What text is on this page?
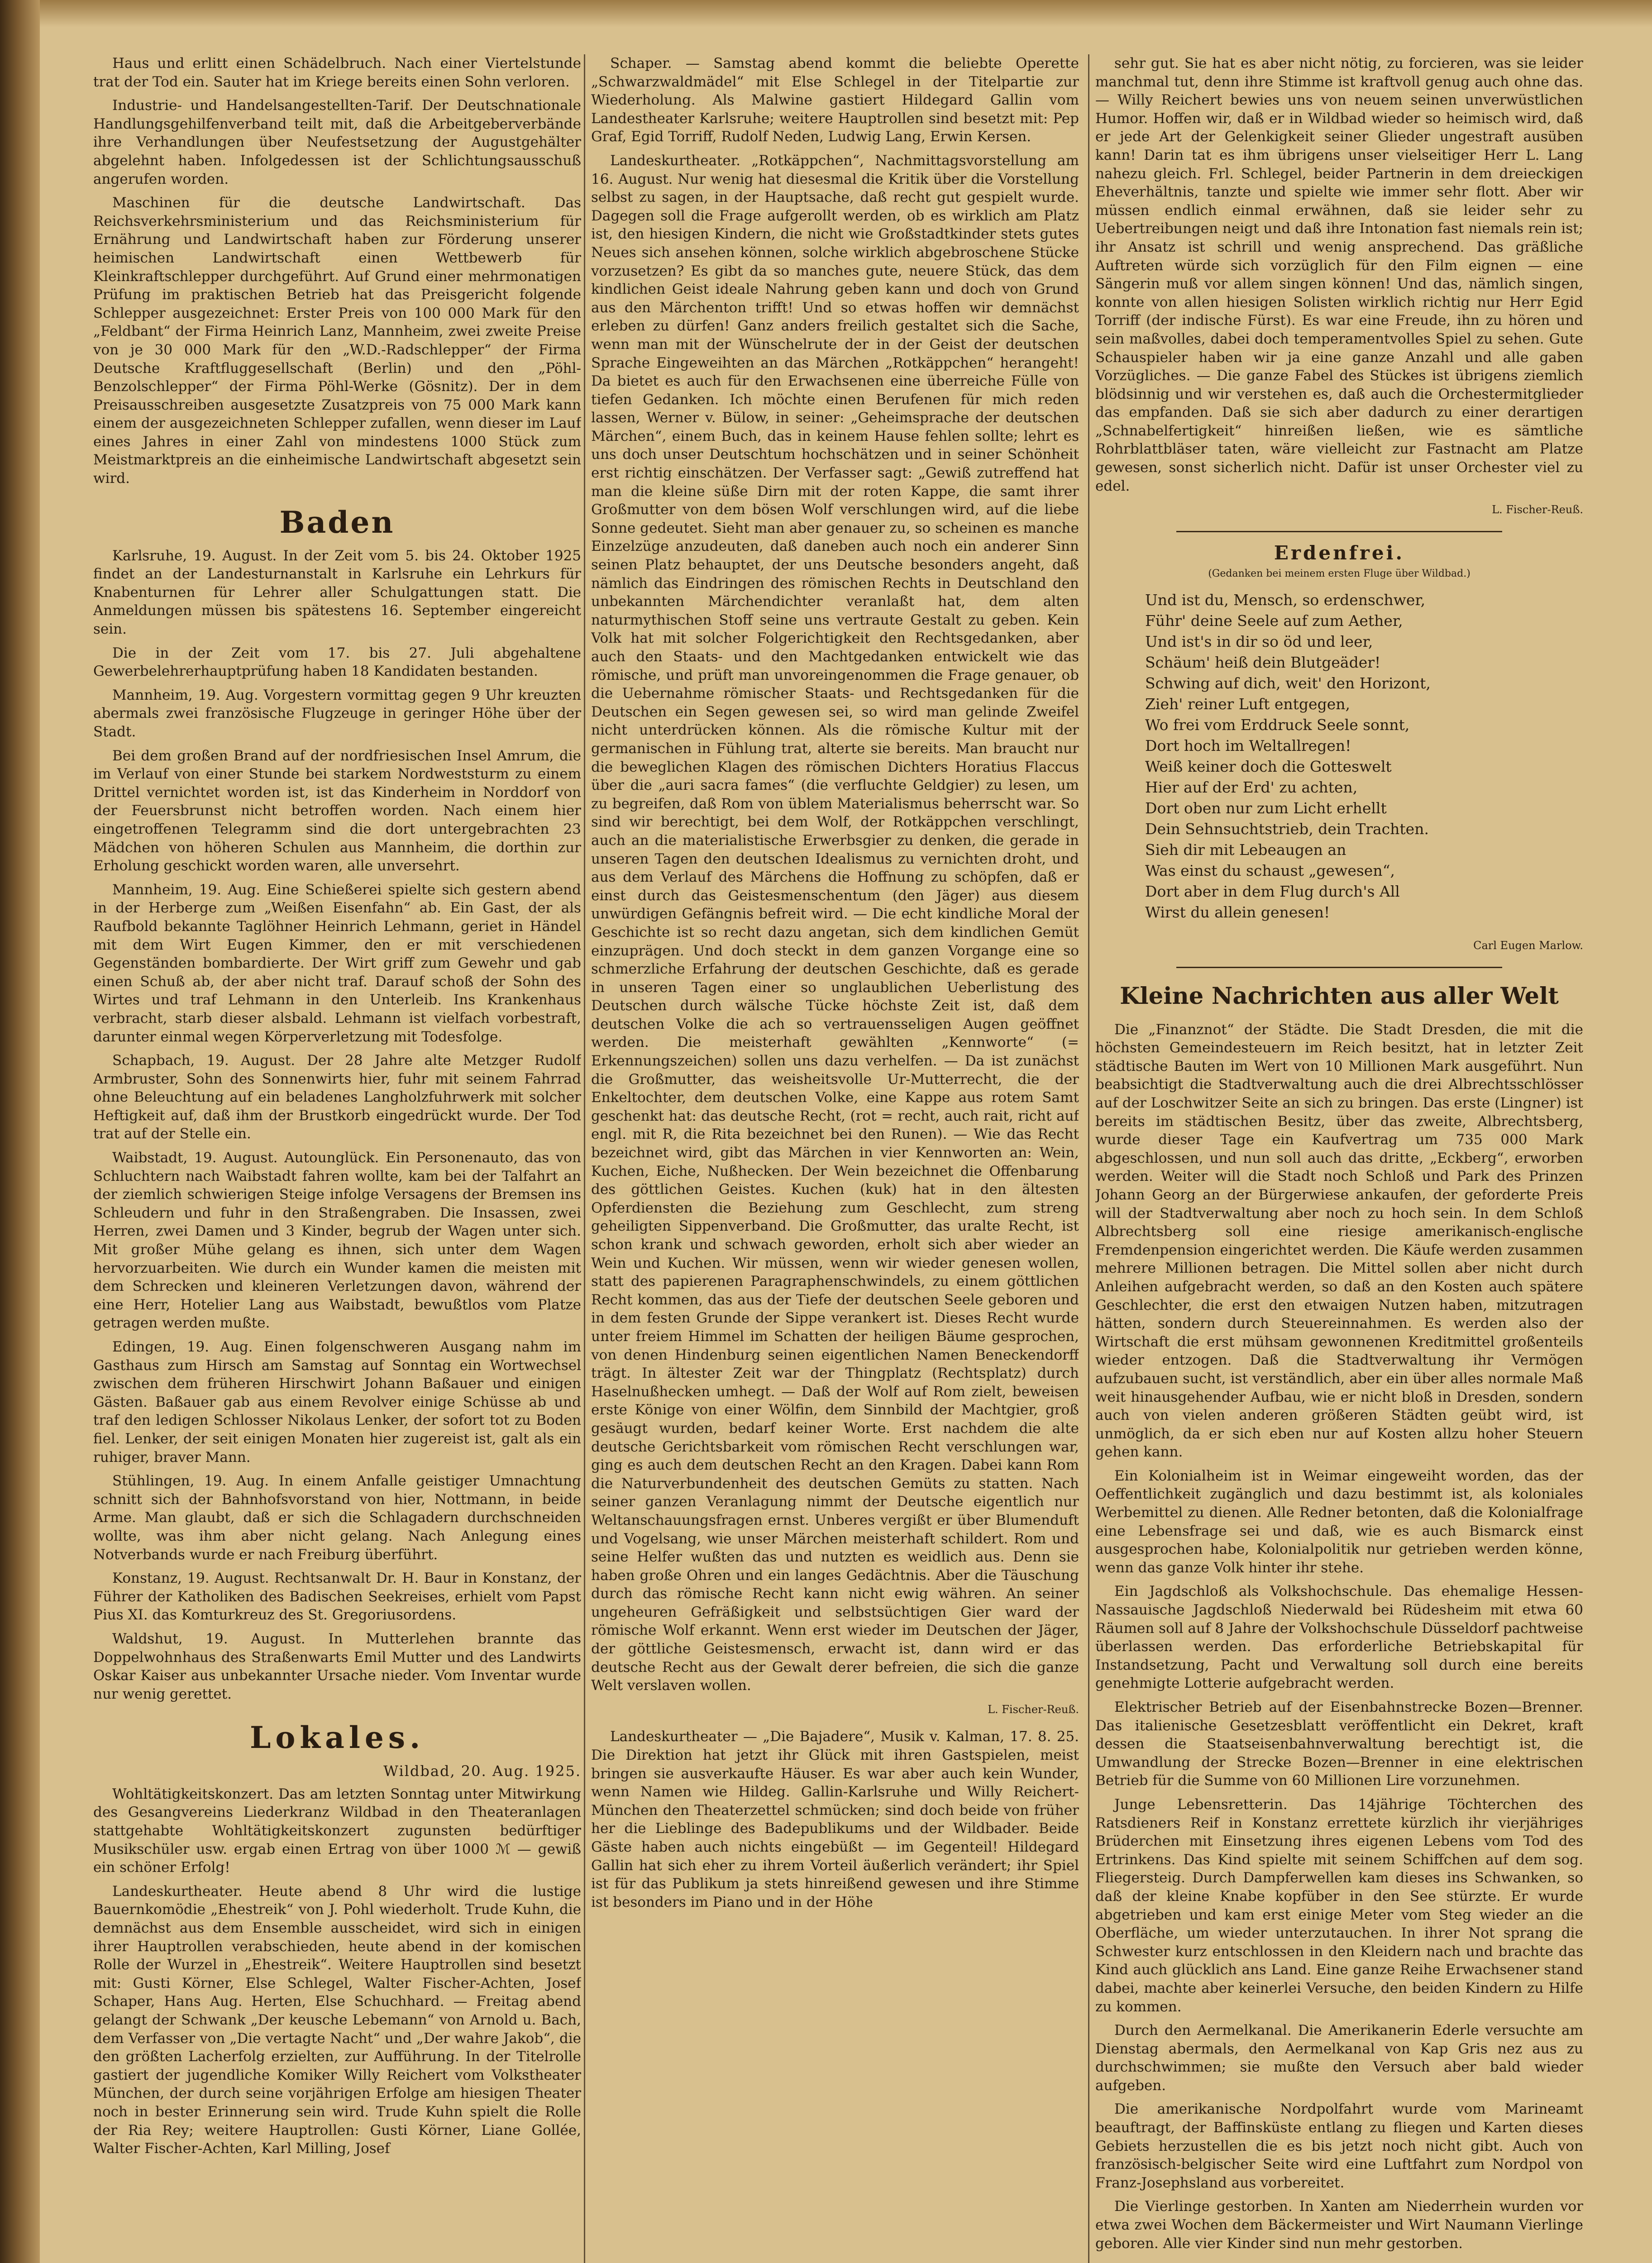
Haus und erlitt einen Schädelbruch. Nach einer Viertelstunde trat der Tod ein. Sauter hat im Kriege bereits einen Sohn verloren.

Industrie- und Handelsangestellten-Tarif. Der Deutschnationale Handlungsgehilfenverband teilt mit, daß die Arbeitgeberverbände ihre Verhandlungen über Neufestsetzung der Augustgehälter abgelehnt haben. Infolgedessen ist der Schlichtungsausschuß angerufen worden.

Maschinen für die deutsche Landwirtschaft. Das Reichsverkehrsministerium und das Reichsministerium für Ernährung und Landwirtschaft haben zur Förderung unserer heimischen Landwirtschaft einen Wettbewerb für Kleinkraftschlepper durchgeführt. Auf Grund einer mehrmonatigen Prüfung im praktischen Betrieb hat das Preisgericht folgende Schlepper ausgezeichnet: Erster Preis von 100 000 Mark für den „Feldbant“ der Firma Heinrich Lanz, Mannheim, zwei zweite Preise von je 30 000 Mark für den „W.D.-Radschlepper“ der Firma Deutsche Kraftfluggesellschaft (Berlin) und den „Pöhl-Benzolschlepper“ der Firma Pöhl-Werke (Gösnitz). Der in dem Preisausschreiben ausgesetzte Zusatzpreis von 75 000 Mark kann einem der ausgezeichneten Schlepper zufallen, wenn dieser im Lauf eines Jahres in einer Zahl von mindestens 1000 Stück zum Meistmarktpreis an die einheimische Landwirtschaft abgesetzt sein wird.

Baden

Karlsruhe, 19. August. In der Zeit vom 5. bis 24. Oktober 1925 findet an der Landesturnanstalt in Karlsruhe ein Lehrkurs für Knabenturnen für Lehrer aller Schulgattungen statt. Die Anmeldungen müssen bis spätestens 16. September eingereicht sein.

Die in der Zeit vom 17. bis 27. Juli abgehaltene Gewerbelehrerhauptprüfung haben 18 Kandidaten bestanden.

Mannheim, 19. Aug. Vorgestern vormittag gegen 9 Uhr kreuzten abermals zwei französische Flugzeuge in geringer Höhe über der Stadt.

Bei dem großen Brand auf der nordfriesischen Insel Amrum, die im Verlauf von einer Stunde bei starkem Nordweststurm zu einem Drittel vernichtet worden ist, ist das Kinderheim in Norddorf von der Feuersbrunst nicht betroffen worden. Nach einem hier eingetroffenen Telegramm sind die dort untergebrachten 23 Mädchen von höheren Schulen aus Mannheim, die dorthin zur Erholung geschickt worden waren, alle unversehrt.

Mannheim, 19. Aug. Eine Schießerei spielte sich gestern abend in der Herberge zum „Weißen Eisenfahn“ ab. Ein Gast, der als Raufbold bekannte Taglöhner Heinrich Lehmann, geriet in Händel mit dem Wirt Eugen Kimmer, den er mit verschiedenen Gegenständen bombardierte. Der Wirt griff zum Gewehr und gab einen Schuß ab, der aber nicht traf. Darauf schoß der Sohn des Wirtes und traf Lehmann in den Unterleib. Ins Krankenhaus verbracht, starb dieser alsbald. Lehmann ist vielfach vorbestraft, darunter einmal wegen Körperverletzung mit Todesfolge.

Schapbach, 19. August. Der 28 Jahre alte Metzger Rudolf Armbruster, Sohn des Sonnenwirts hier, fuhr mit seinem Fahrrad ohne Beleuchtung auf ein beladenes Langholzfuhrwerk mit solcher Heftigkeit auf, daß ihm der Brustkorb eingedrückt wurde. Der Tod trat auf der Stelle ein.

Waibstadt, 19. August. Autounglück. Ein Personenauto, das von Schluchtern nach Waibstadt fahren wollte, kam bei der Talfahrt an der ziemlich schwierigen Steige infolge Versagens der Bremsen ins Schleudern und fuhr in den Straßengraben. Die Insassen, zwei Herren, zwei Damen und 3 Kinder, begrub der Wagen unter sich. Mit großer Mühe gelang es ihnen, sich unter dem Wagen hervorzuarbeiten. Wie durch ein Wunder kamen die meisten mit dem Schrecken und kleineren Verletzungen davon, während der eine Herr, Hotelier Lang aus Waibstadt, bewußtlos vom Platze getragen werden mußte.

Edingen, 19. Aug. Einen folgenschweren Ausgang nahm im Gasthaus zum Hirsch am Samstag auf Sonntag ein Wortwechsel zwischen dem früheren Hirschwirt Johann Baßauer und einigen Gästen. Baßauer gab aus einem Revolver einige Schüsse ab und traf den ledigen Schlosser Nikolaus Lenker, der sofort tot zu Boden fiel. Lenker, der seit einigen Monaten hier zugereist ist, galt als ein ruhiger, braver Mann.

Stühlingen, 19. Aug. In einem Anfalle geistiger Umnachtung schnitt sich der Bahnhofsvorstand von hier, Nottmann, in beide Arme. Man glaubt, daß er sich die Schlagadern durchschneiden wollte, was ihm aber nicht gelang. Nach Anlegung eines Notverbands wurde er nach Freiburg überführt.

Konstanz, 19. August. Rechtsanwalt Dr. H. Baur in Konstanz, der Führer der Katholiken des Badischen Seekreises, erhielt vom Papst Pius XI. das Komturkreuz des St. Gregoriusordens.

Waldshut, 19. August. In Mutterlehen brannte das Doppelwohnhaus des Straßenwarts Emil Mutter und des Landwirts Oskar Kaiser aus unbekannter Ursache nieder. Vom Inventar wurde nur wenig gerettet.

Lokales.
Wildbad, 20. Aug. 1925.

Wohltätigkeitskonzert. Das am letzten Sonntag unter Mitwirkung des Gesangvereins Liederkranz Wildbad in den Theateranlagen stattgehabte Wohltätigkeitskonzert zugunsten bedürftiger Musikschüler usw. ergab einen Ertrag von über 1000 ℳ — gewiß ein schöner Erfolg!

Landeskurtheater. Heute abend 8 Uhr wird die lustige Bauernkomödie „Ehestreik“ von J. Pohl wiederholt. Trude Kuhn, die demnächst aus dem Ensemble ausscheidet, wird sich in einigen ihrer Hauptrollen verabschieden, heute abend in der komischen Rolle der Wurzel in „Ehestreik“. Weitere Hauptrollen sind besetzt mit: Gusti Körner, Else Schlegel, Walter Fischer-Achten, Josef Schaper, Hans Aug. Herten, Else Schuchhard. — Freitag abend gelangt der Schwank „Der keusche Lebemann“ von Arnold u. Bach, dem Verfasser von „Die vertagte Nacht“ und „Der wahre Jakob“, die den größten Lacherfolg erzielten, zur Aufführung. In der Titelrolle gastiert der jugendliche Komiker Willy Reichert vom Volkstheater München, der durch seine vorjährigen Erfolge am hiesigen Theater noch in bester Erinnerung sein wird. Trude Kuhn spielt die Rolle der Ria Rey; weitere Hauptrollen: Gusti Körner, Liane Gollée, Walter Fischer-Achten, Karl Milling, Josef

Schaper. — Samstag abend kommt die beliebte Operette „Schwarzwaldmädel“ mit Else Schlegel in der Titelpartie zur Wiederholung. Als Malwine gastiert Hildegard Gallin vom Landestheater Karlsruhe; weitere Hauptrollen sind besetzt mit: Pep Graf, Egid Torriff, Rudolf Neden, Ludwig Lang, Erwin Kersen.

Landeskurtheater. „Rotkäppchen“, Nachmittagsvorstellung am 16. August. Nur wenig hat diesesmal die Kritik über die Vorstellung selbst zu sagen, in der Hauptsache, daß recht gut gespielt wurde. Dagegen soll die Frage aufgerollt werden, ob es wirklich am Platz ist, den hiesigen Kindern, die nicht wie Großstadtkinder stets gutes Neues sich ansehen können, solche wirklich abgebroschene Stücke vorzusetzen? Es gibt da so manches gute, neuere Stück, das dem kindlichen Geist ideale Nahrung geben kann und doch von Grund aus den Märchenton trifft! Und so etwas hoffen wir demnächst erleben zu dürfen! Ganz anders freilich gestaltet sich die Sache, wenn man mit der Wünschelrute der in der Geist der deutschen Sprache Eingeweihten an das Märchen „Rotkäppchen“ herangeht! Da bietet es auch für den Erwachsenen eine überreiche Fülle von tiefen Gedanken. Ich möchte einen Berufenen für mich reden lassen, Werner v. Bülow, in seiner: „Geheimsprache der deutschen Märchen“, einem Buch, das in keinem Hause fehlen sollte; lehrt es uns doch unser Deutschtum hochschätzen und in seiner Schönheit erst richtig einschätzen. Der Verfasser sagt: „Gewiß zutreffend hat man die kleine süße Dirn mit der roten Kappe, die samt ihrer Großmutter von dem bösen Wolf verschlungen wird, auf die liebe Sonne gedeutet. Sieht man aber genauer zu, so scheinen es manche Einzelzüge anzudeuten, daß daneben auch noch ein anderer Sinn seinen Platz behauptet, der uns Deutsche besonders angeht, daß nämlich das Eindringen des römischen Rechts in Deutschland den unbekannten Märchendichter veranlaßt hat, dem alten naturmythischen Stoff seine uns vertraute Gestalt zu geben. Kein Volk hat mit solcher Folgerichtigkeit den Rechtsgedanken, aber auch den Staats- und den Machtgedanken entwickelt wie das römische, und prüft man unvoreingenommen die Frage genauer, ob die Uebernahme römischer Staats- und Rechtsgedanken für die Deutschen ein Segen gewesen sei, so wird man gelinde Zweifel nicht unterdrücken können. Als die römische Kultur mit der germanischen in Fühlung trat, alterte sie bereits. Man braucht nur die beweglichen Klagen des römischen Dichters Horatius Flaccus über die „auri sacra fames“ (die verfluchte Geldgier) zu lesen, um zu begreifen, daß Rom von üblem Materialismus beherrscht war. So sind wir berechtigt, bei dem Wolf, der Rotkäppchen verschlingt, auch an die materialistische Erwerbsgier zu denken, die gerade in unseren Tagen den deutschen Idealismus zu vernichten droht, und aus dem Verlauf des Märchens die Hoffnung zu schöpfen, daß er einst durch das Geistesmenschentum (den Jäger) aus diesem unwürdigen Gefängnis befreit wird. — Die echt kindliche Moral der Geschichte ist so recht dazu angetan, sich dem kindlichen Gemüt einzuprägen. Und doch steckt in dem ganzen Vorgange eine so schmerzliche Erfahrung der deutschen Geschichte, daß es gerade in unseren Tagen einer so unglaublichen Ueberlistung des Deutschen durch wälsche Tücke höchste Zeit ist, daß dem deutschen Volke die ach so vertrauensseligen Augen geöffnet werden. Die meisterhaft gewählten „Kennworte“ (= Erkennungszeichen) sollen uns dazu verhelfen. — Da ist zunächst die Großmutter, das weisheitsvolle Ur-Mutterrecht, die der Enkeltochter, dem deutschen Volke, eine Kappe aus rotem Samt geschenkt hat: das deutsche Recht, (rot = recht, auch rait, richt auf engl. mit R, die Rita bezeichnet bei den Runen). — Wie das Recht bezeichnet wird, gibt das Märchen in vier Kennworten an: Wein, Kuchen, Eiche, Nußhecken. Der Wein bezeichnet die Offenbarung des göttlichen Geistes. Kuchen (kuk) hat in den ältesten Opferdiensten die Beziehung zum Geschlecht, zum streng geheiligten Sippenverband. Die Großmutter, das uralte Recht, ist schon krank und schwach geworden, erholt sich aber wieder an Wein und Kuchen. Wir müssen, wenn wir wieder genesen wollen, statt des papierenen Paragraphenschwindels, zu einem göttlichen Recht kommen, das aus der Tiefe der deutschen Seele geboren und in dem festen Grunde der Sippe verankert ist. Dieses Recht wurde unter freiem Himmel im Schatten der heiligen Bäume gesprochen, von denen Hindenburg seinen eigentlichen Namen Beneckendorff trägt. In ältester Zeit war der Thingplatz (Rechtsplatz) durch Haselnußhecken umhegt. — Daß der Wolf auf Rom zielt, beweisen erste Könige von einer Wölfin, dem Sinnbild der Machtgier, groß gesäugt wurden, bedarf keiner Worte. Erst nachdem die alte deutsche Gerichtsbarkeit vom römischen Recht verschlungen war, ging es auch dem deutschen Recht an den Kragen. Dabei kann Rom die Naturverbundenheit des deutschen Gemüts zu statten. Nach seiner ganzen Veranlagung nimmt der Deutsche eigentlich nur Weltanschauungsfragen ernst. Unberes vergißt er über Blumenduft und Vogelsang, wie unser Märchen meisterhaft schildert. Rom und seine Helfer wußten das und nutzten es weidlich aus. Denn sie haben große Ohren und ein langes Gedächtnis. Aber die Täuschung durch das römische Recht kann nicht ewig währen. An seiner ungeheuren Gefräßigkeit und selbstsüchtigen Gier ward der römische Wolf erkannt. Wenn erst wieder im Deutschen der Jäger, der göttliche Geistesmensch, erwacht ist, dann wird er das deutsche Recht aus der Gewalt derer befreien, die sich die ganze Welt verslaven wollen.

L. Fischer-Reuß.

Landeskurtheater — „Die Bajadere“, Musik v. Kalman, 17. 8. 25. Die Direktion hat jetzt ihr Glück mit ihren Gastspielen, meist bringen sie ausverkaufte Häuser. Es war aber auch kein Wunder, wenn Namen wie Hildeg. Gallin-Karlsruhe und Willy Reichert-München den Theaterzettel schmücken; sind doch beide von früher her die Lieblinge des Badepublikums und der Wildbader. Beide Gäste haben auch nichts eingebüßt — im Gegenteil! Hildegard Gallin hat sich eher zu ihrem Vorteil äußerlich verändert; ihr Spiel ist für das Publikum ja stets hinreißend gewesen und ihre Stimme ist besonders im Piano und in der Höhe

sehr gut. Sie hat es aber nicht nötig, zu forcieren, was sie leider manchmal tut, denn ihre Stimme ist kraftvoll genug auch ohne das. — Willy Reichert bewies uns von neuem seinen unverwüstlichen Humor. Hoffen wir, daß er in Wildbad wieder so heimisch wird, daß er jede Art der Gelenkigkeit seiner Glieder ungestraft ausüben kann! Darin tat es ihm übrigens unser vielseitiger Herr L. Lang nahezu gleich. Frl. Schlegel, beider Partnerin in dem dreieckigen Eheverhältnis, tanzte und spielte wie immer sehr flott. Aber wir müssen endlich einmal erwähnen, daß sie leider sehr zu Uebertreibungen neigt und daß ihre Intonation fast niemals rein ist; ihr Ansatz ist schrill und wenig ansprechend. Das gräßliche Auftreten würde sich vorzüglich für den Film eignen — eine Sängerin muß vor allem singen können! Und das, nämlich singen, konnte von allen hiesigen Solisten wirklich richtig nur Herr Egid Torriff (der indische Fürst). Es war eine Freude, ihn zu hören und sein maßvolles, dabei doch temperamentvolles Spiel zu sehen. Gute Schauspieler haben wir ja eine ganze Anzahl und alle gaben Vorzügliches. — Die ganze Fabel des Stückes ist übrigens ziemlich blödsinnig und wir verstehen es, daß auch die Orchestermitglieder das empfanden. Daß sie sich aber dadurch zu einer derartigen „Schnabelfertigkeit“ hinreißen ließen, wie es sämtliche Rohrblattbläser taten, wäre vielleicht zur Fastnacht am Platze gewesen, sonst sicherlich nicht. Dafür ist unser Orchester viel zu edel.

L. Fischer-Reuß.
Erdenfrei.
(Gedanken bei meinem ersten Fluge über Wildbad.)

Und ist du, Mensch, so erdenschwer,

Führ' deine Seele auf zum Aether,

Und ist's in dir so öd und leer,

Schäum' heiß dein Blutgeäder!

Schwing auf dich, weit' den Horizont,

Zieh' reiner Luft entgegen,

Wo frei vom Erddruck Seele sonnt,

Dort hoch im Weltallregen!

Weiß keiner doch die Gotteswelt

Hier auf der Erd' zu achten,

Dort oben nur zum Licht erhellt

Dein Sehnsuchtstrieb, dein Trachten.

Sieh dir mit Lebeaugen an

Was einst du schaust „gewesen“,

Dort aber in dem Flug durch's All

Wirst du allein genesen!

Carl Eugen Marlow.
Kleine Nachrichten aus aller Welt

Die „Finanznot“ der Städte. Die Stadt Dresden, die mit die höchsten Gemeindesteuern im Reich besitzt, hat in letzter Zeit städtische Bauten im Wert von 10 Millionen Mark ausgeführt. Nun beabsichtigt die Stadtverwaltung auch die drei Albrechtsschlösser auf der Loschwitzer Seite an sich zu bringen. Das erste (Lingner) ist bereits im städtischen Besitz, über das zweite, Albrechtsberg, wurde dieser Tage ein Kaufvertrag um 735 000 Mark abgeschlossen, und nun soll auch das dritte, „Eckberg“, erworben werden. Weiter will die Stadt noch Schloß und Park des Prinzen Johann Georg an der Bürgerwiese ankaufen, der geforderte Preis will der Stadtverwaltung aber noch zu hoch sein. In dem Schloß Albrechtsberg soll eine riesige amerikanisch-englische Fremdenpension eingerichtet werden. Die Käufe werden zusammen mehrere Millionen betragen. Die Mittel sollen aber nicht durch Anleihen aufgebracht werden, so daß an den Kosten auch spätere Geschlechter, die erst den etwaigen Nutzen haben, mitzutragen hätten, sondern durch Steuereinnahmen. Es werden also der Wirtschaft die erst mühsam gewonnenen Kreditmittel großenteils wieder entzogen. Daß die Stadtverwaltung ihr Vermögen aufzubauen sucht, ist verständlich, aber ein über alles normale Maß weit hinausgehender Aufbau, wie er nicht bloß in Dresden, sondern auch von vielen anderen größeren Städten geübt wird, ist unmöglich, da er sich eben nur auf Kosten allzu hoher Steuern gehen kann.

Ein Kolonialheim ist in Weimar eingeweiht worden, das der Oeffentlichkeit zugänglich und dazu bestimmt ist, als koloniales Werbemittel zu dienen. Alle Redner betonten, daß die Kolonialfrage eine Lebensfrage sei und daß, wie es auch Bismarck einst ausgesprochen habe, Kolonialpolitik nur getrieben werden könne, wenn das ganze Volk hinter ihr stehe.

Ein Jagdschloß als Volkshochschule. Das ehemalige Hessen-Nassauische Jagdschloß Niederwald bei Rüdesheim mit etwa 60 Räumen soll auf 8 Jahre der Volkshochschule Düsseldorf pachtweise überlassen werden. Das erforderliche Betriebskapital für Instandsetzung, Pacht und Verwaltung soll durch eine bereits genehmigte Lotterie aufgebracht werden.

Elektrischer Betrieb auf der Eisenbahnstrecke Bozen—Brenner. Das italienische Gesetzesblatt veröffentlicht ein Dekret, kraft dessen die Staatseisenbahnverwaltung berechtigt ist, die Umwandlung der Strecke Bozen—Brenner in eine elektrischen Betrieb für die Summe von 60 Millionen Lire vorzunehmen.

Junge Lebensretterin. Das 14jährige Töchterchen des Ratsdieners Reif in Konstanz errettete kürzlich ihr vierjähriges Brüderchen mit Einsetzung ihres eigenen Lebens vom Tod des Ertrinkens. Das Kind spielte mit seinem Schiffchen auf dem sog. Fliegersteig. Durch Dampferwellen kam dieses ins Schwanken, so daß der kleine Knabe kopfüber in den See stürzte. Er wurde abgetrieben und kam erst einige Meter vom Steg wieder an die Oberfläche, um wieder unterzutauchen. In ihrer Not sprang die Schwester kurz entschlossen in den Kleidern nach und brachte das Kind auch glücklich ans Land. Eine ganze Reihe Erwachsener stand dabei, machte aber keinerlei Versuche, den beiden Kindern zu Hilfe zu kommen.

Durch den Aermelkanal. Die Amerikanerin Ederle versuchte am Dienstag abermals, den Aermelkanal von Kap Gris nez aus zu durchschwimmen; sie mußte den Versuch aber bald wieder aufgeben.

Die amerikanische Nordpolfahrt wurde vom Marineamt beauftragt, der Baffinsküste entlang zu fliegen und Karten dieses Gebiets herzustellen die es bis jetzt noch nicht gibt. Auch von französisch-belgischer Seite wird eine Luftfahrt zum Nordpol von Franz-Josephsland aus vorbereitet.

Die Vierlinge gestorben. In Xanten am Niederrhein wurden vor etwa zwei Wochen dem Bäckermeister und Wirt Naumann Vierlinge geboren. Alle vier Kinder sind nun mehr gestorben.
